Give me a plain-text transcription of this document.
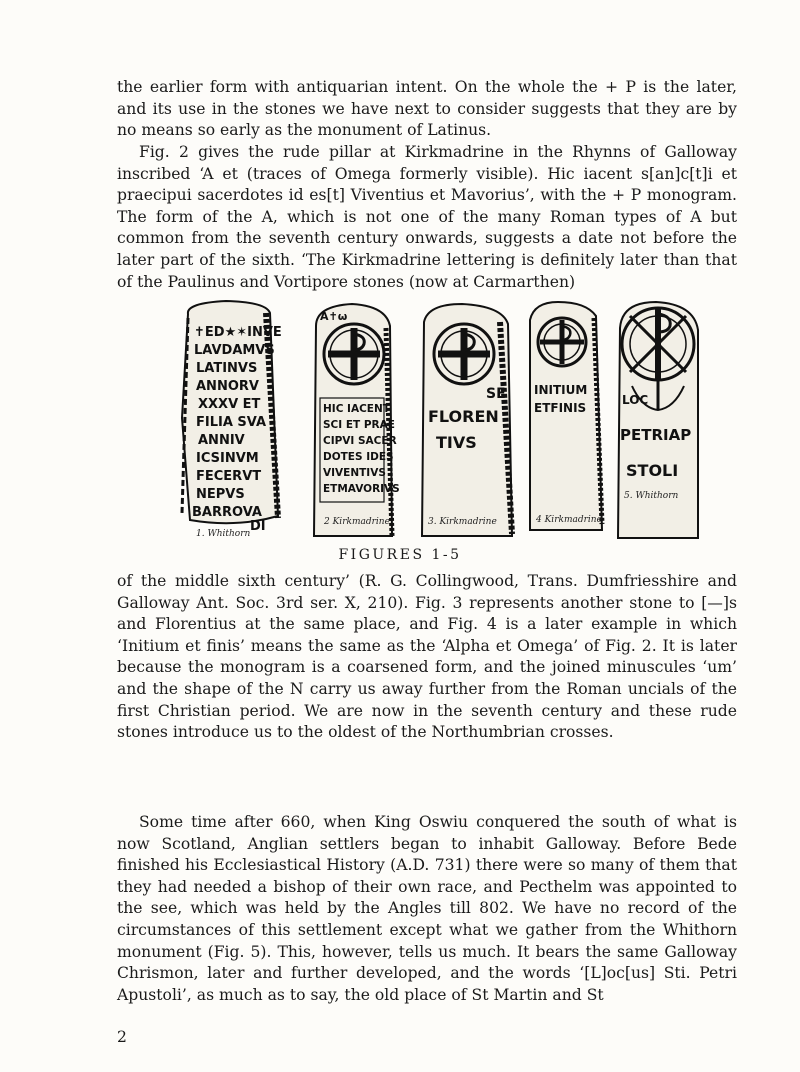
the earlier form with antiquarian intent. On the whole the + P is the later, and its use in the stones we have next to consider suggests that they are by no means so early as the monument of Latinus.

Fig. 2 gives the rude pillar at Kirkmadrine in the Rhynns of Galloway inscribed ‘A et (traces of Omega formerly visible). Hic iacent s[an]c[t]i et praecipui sacerdotes id es[t] Viventius et Mavorius’, with the + P monogram. The form of the A, which is not one of the many Roman types of A but common from the seventh century onwards, suggests a date not before the later part of the sixth. ‘The Kirkmadrine lettering is definitely later than that of the Paulinus and Vortipore stones (now at Carmarthen)

✝ED★✶INVE
LAVDAMVS
LATINVS
ANNORV
XXXV ET
FILIA SVA
ANNIV
ICSINVM
FECERVT
NEPVS
BARROVA
DI
1. Whithorn
A✝ω
HIC IACENT
SCI ET PRAE
CIPVI SACER
DOTES IDES
VIVENTIVS
ETMAVORIVS
2 Kirkmadrine
SE
FLOREN
TIVS
3. Kirkmadrine
INITIUM
ETFINIS
4 Kirkmadrine
LOC
PETRIAP
STOLI
5. Whithorn
FIGURES 1-5

of the middle sixth century’ (R. G. Collingwood, Trans. Dumfriesshire and Galloway Ant. Soc. 3rd ser. X, 210). Fig. 3 represents another stone to [—]s and Florentius at the same place, and Fig. 4 is a later example in which ‘Initium et finis’ means the same as the ‘Alpha et Omega’ of Fig. 2. It is later because the monogram is a coarsened form, and the joined minuscules ‘um’ and the shape of the N carry us away further from the Roman uncials of the first Christian period. We are now in the seventh century and these rude stones introduce us to the oldest of the Northumbrian crosses.

Some time after 660, when King Oswiu conquered the south of what is now Scotland, Anglian settlers began to inhabit Galloway. Before Bede finished his Ecclesiastical History (A.D. 731) there were so many of them that they had needed a bishop of their own race, and Pecthelm was appointed to the see, which was held by the Angles till 802. We have no record of the circumstances of this settlement except what we gather from the Whithorn monument (Fig. 5). This, however, tells us much. It bears the same Galloway Chrismon, later and further developed, and the words ‘[L]oc[us] Sti. Petri Apustoli’, as much as to say, the old place of St Martin and St

2
